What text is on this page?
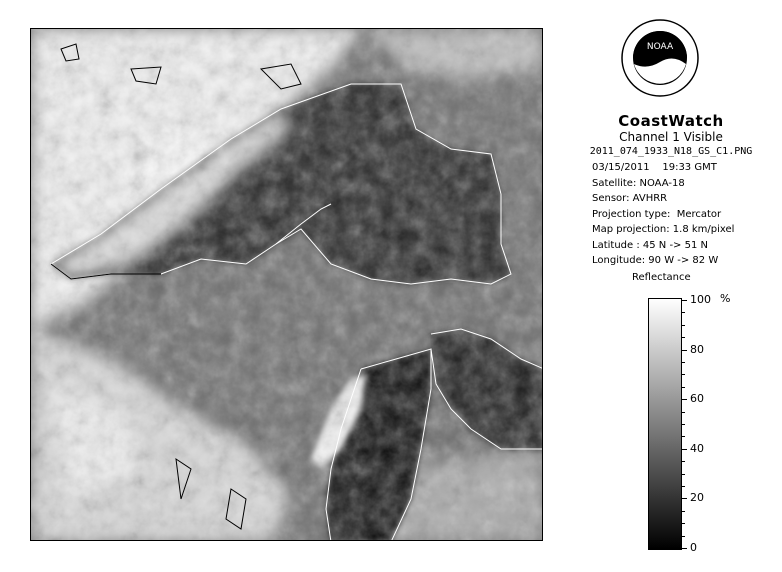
NOAA
CoastWatch
Channel 1 Visible
2011_074_1933_N18_GS_C1.PNG
03/15/2011    19:33 GMT
Satellite: NOAA-18
Sensor: AVHRR
Projection type:  Mercator
Map projection: 1.8 km/pixel
Latitude : 45 N -> 51 N
Longitude: 90 W -> 82 W
Reflectance
%
100
80
60
40
20
0
